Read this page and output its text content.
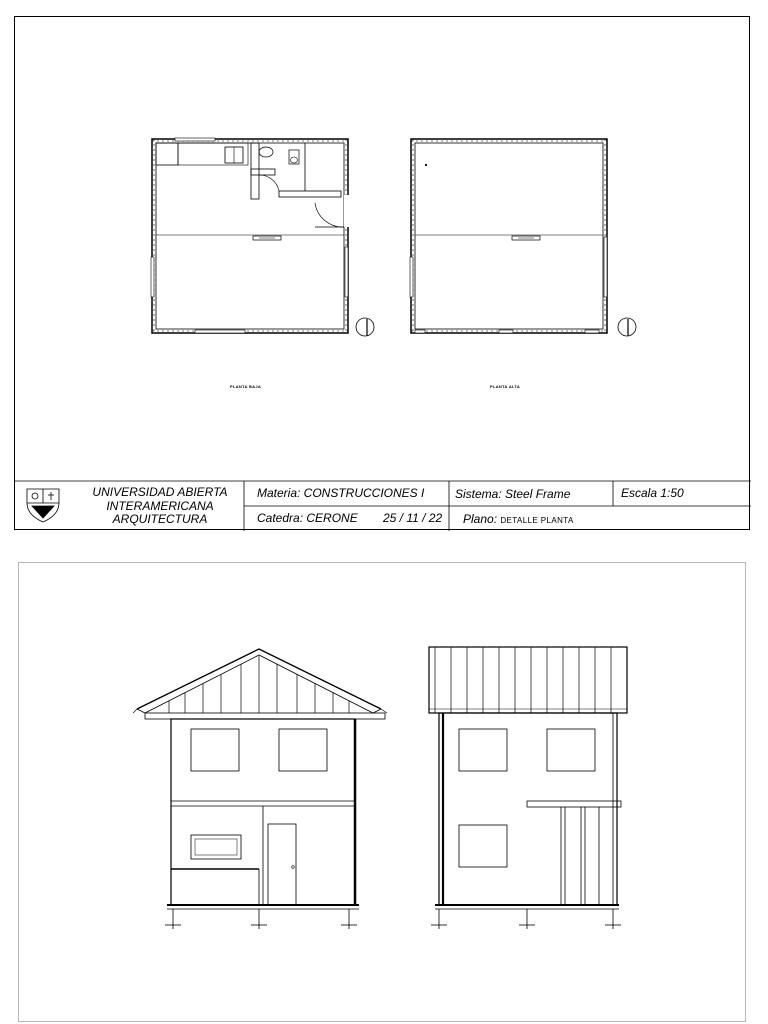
PLANTA BAJA	PLANTA ALTA
UNIVERSIDAD ABIERTA
INTERAMERICANA
ARQUITECTURA
Materia: CONSTRUCCIONES I	Sistema: Steel Frame	Escala 1:50
Catedra: CERONE 25 / 11 / 22 Plano: DETALLE PLANTA
